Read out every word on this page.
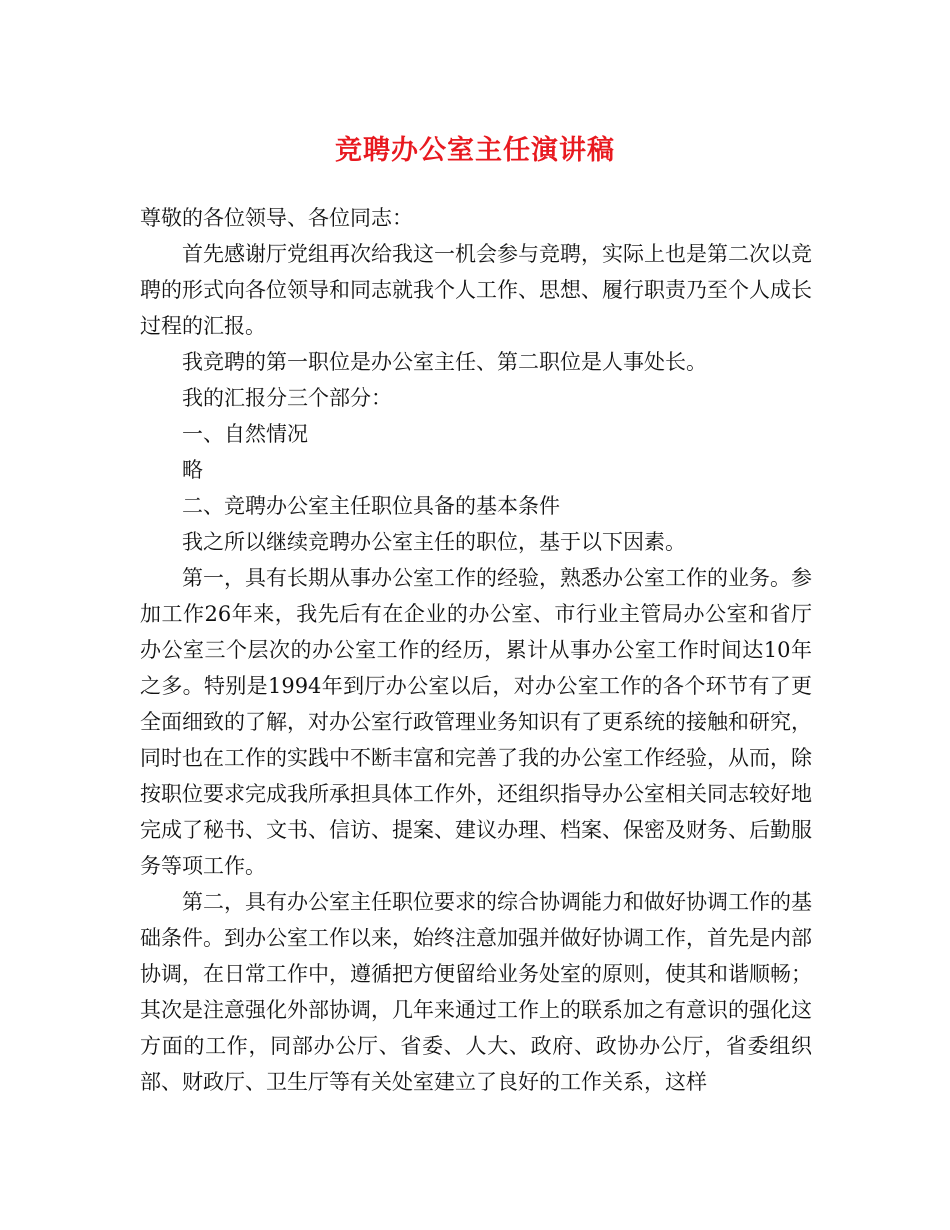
竞聘办公室主任演讲稿

尊敬的各位领导、各位同志：

首先感谢厅党组再次给我这一机会参与竞聘，实际上也是第二次以竞聘的形式向各位领导和同志就我个人工作、思想、履行职责乃至个人成长过程的汇报。

我竞聘的第一职位是办公室主任、第二职位是人事处长。

我的汇报分三个部分：

一、自然情况

略

二、竞聘办公室主任职位具备的基本条件

我之所以继续竞聘办公室主任的职位，基于以下因素。

第一，具有长期从事办公室工作的经验，熟悉办公室工作的业务。参加工作26年来，我先后有在企业的办公室、市行业主管局办公室和省厅办公室三个层次的办公室工作的经历，累计从事办公室工作时间达10年之多。特别是1994年到厅办公室以后，对办公室工作的各个环节有了更全面细致的了解，对办公室行政管理业务知识有了更系统的接触和研究，同时也在工作的实践中不断丰富和完善了我的办公室工作经验，从而，除按职位要求完成我所承担具体工作外，还组织指导办公室相关同志较好地完成了秘书、文书、信访、提案、建议办理、档案、保密及财务、后勤服务等项工作。

第二，具有办公室主任职位要求的综合协调能力和做好协调工作的基础条件。到办公室工作以来，始终注意加强并做好协调工作，首先是内部协调，在日常工作中，遵循把方便留给业务处室的原则，使其和谐顺畅；其次是注意强化外部协调，几年来通过工作上的联系加之有意识的强化这方面的工作，同部办公厅、省委、人大、政府、政协办公厅，省委组织部、财政厅、卫生厅等有关处室建立了良好的工作关系，这样
